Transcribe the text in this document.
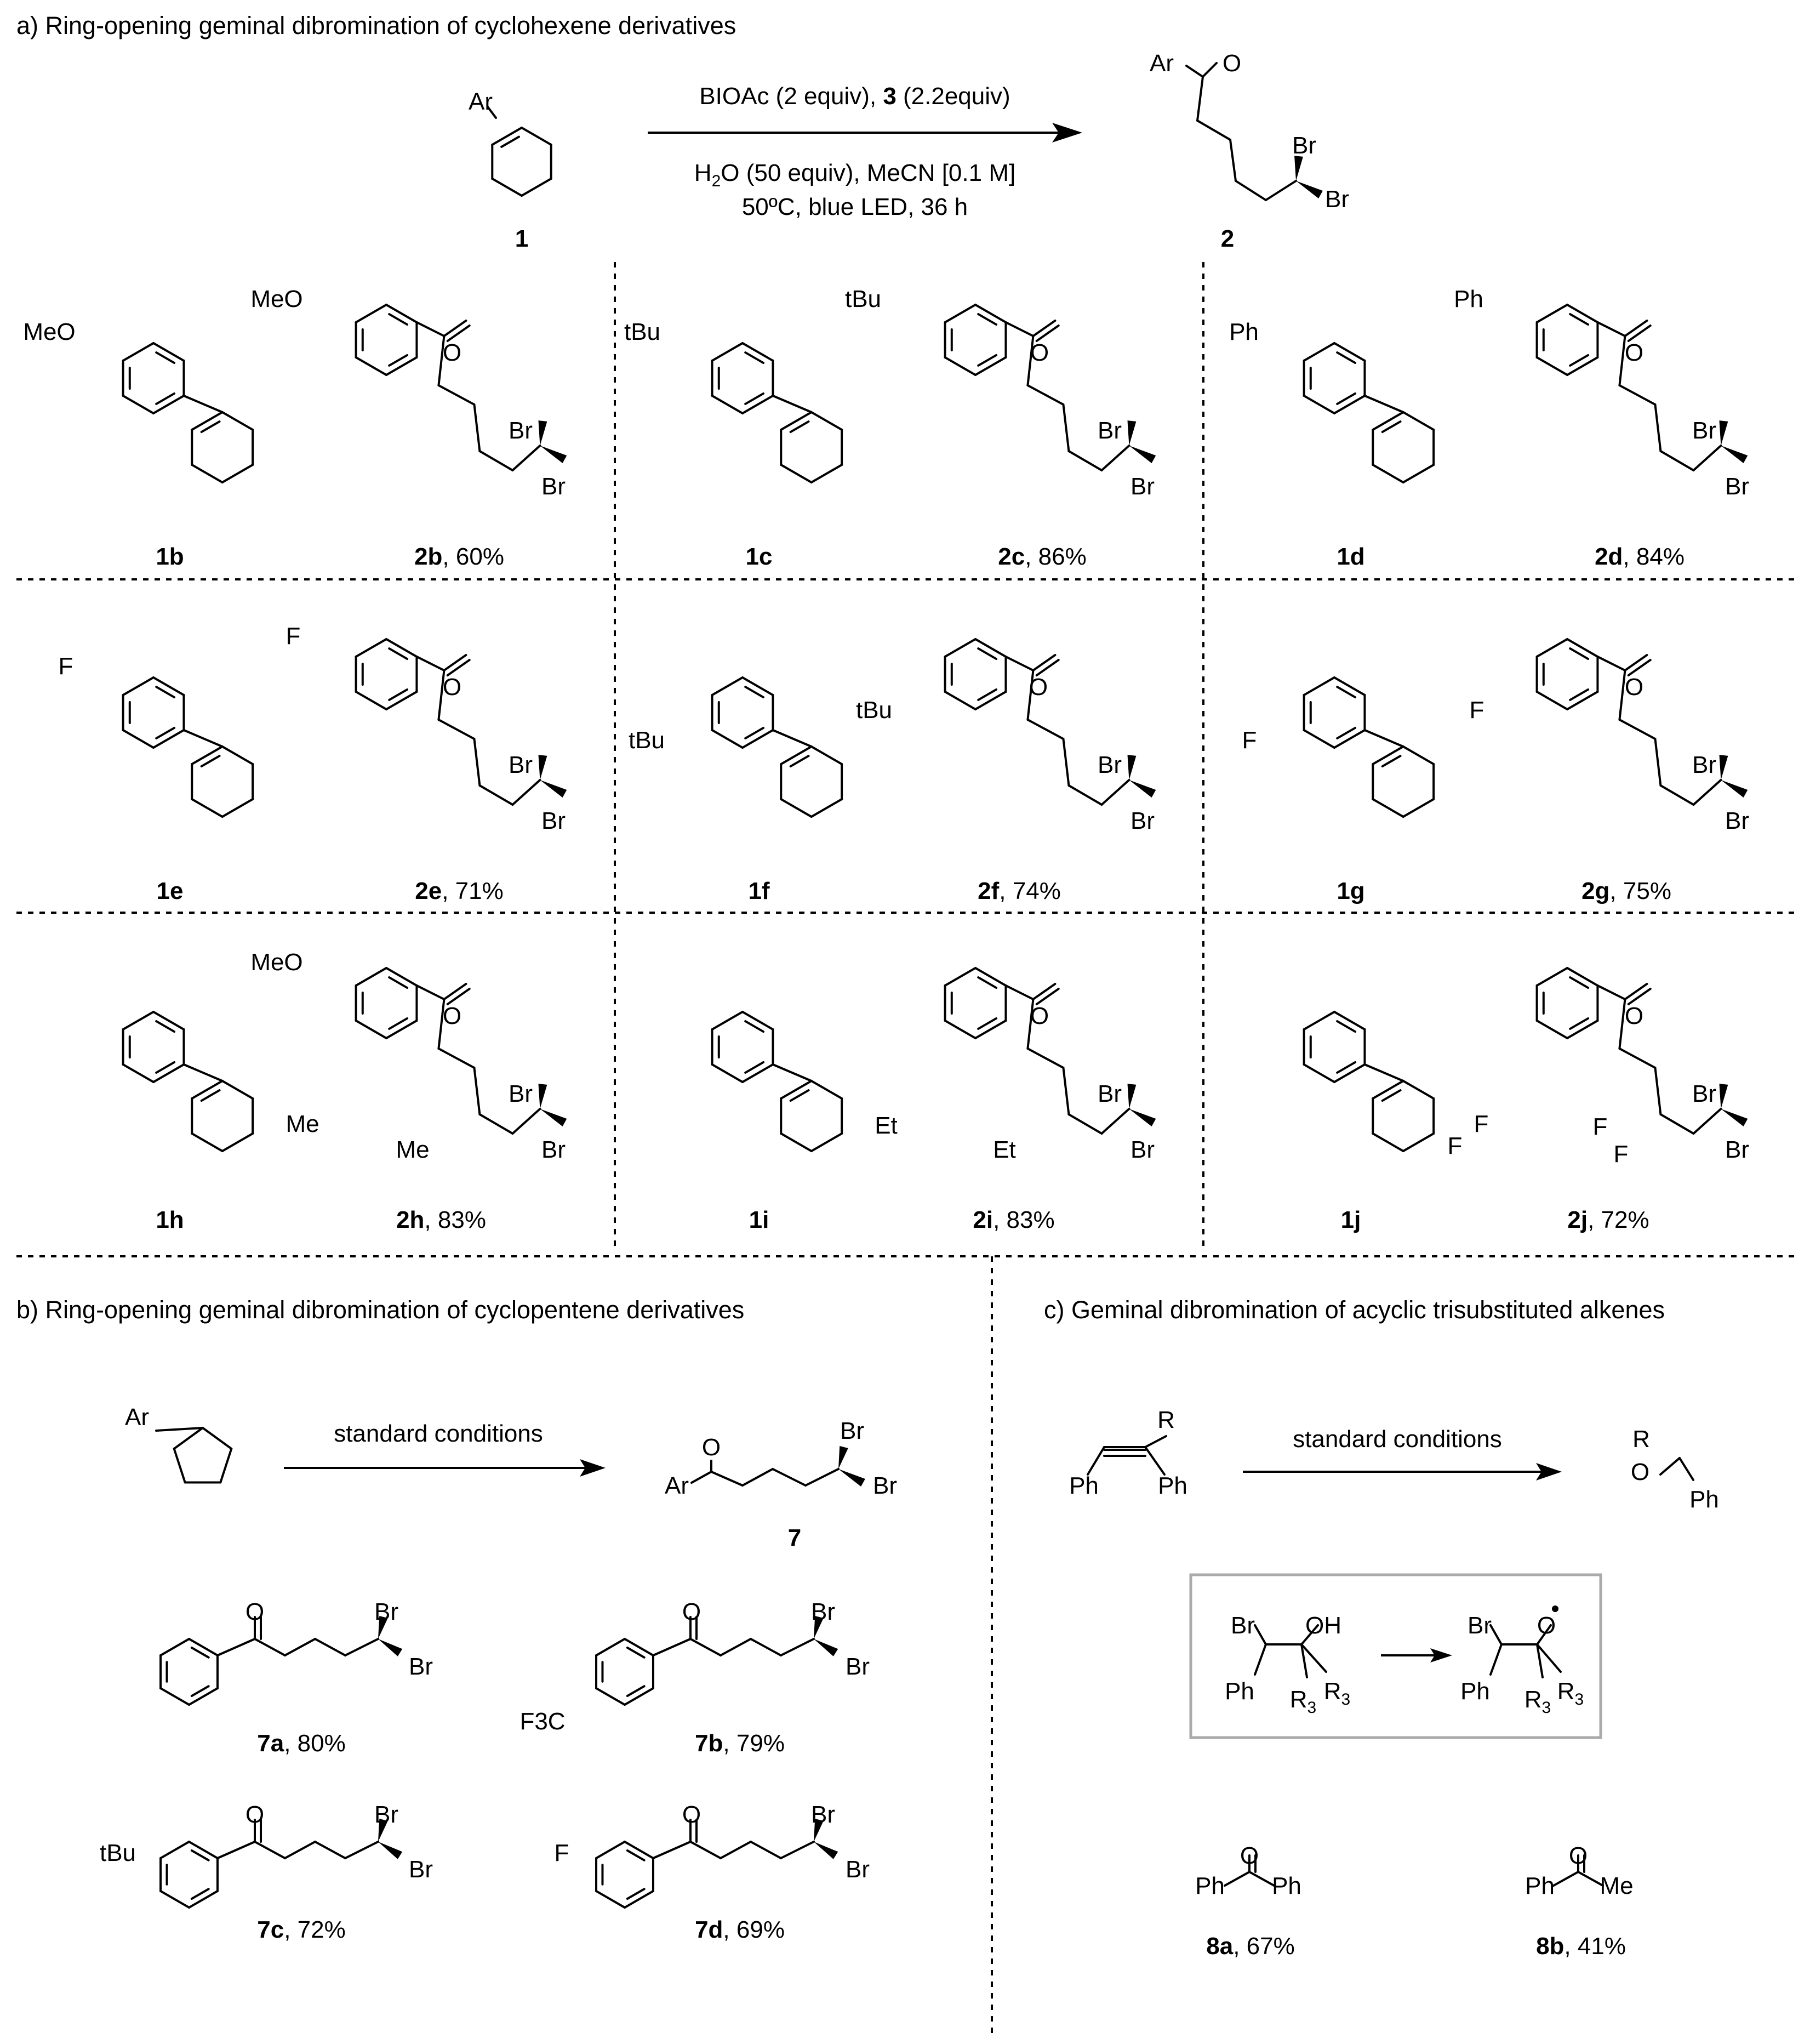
a) Ring-opening geminal dibromination of cyclohexene derivatives
b) Ring-opening geminal dibromination of cyclopentene derivatives	c) Geminal dibromination of acyclic trisubstituted alkenes
BIOAc (2 equiv), 3 (2.2equiv)
$H_2O$ (50 equiv), MeCN [0.1 M]
50ºC, blue LED, 36 h
1	2
standard conditions
7
standard conditions
1b	2b, 60%	1c	2c, 86%	1d	2d, 84%
1e	2e, 71%	1f	2f, 74%	1g	2g, 75%
1h	2h, 83%	1i	2i, 83%	1j	2j, 72%
7a, 80%	7b, 79%
7c, 72%	7d, 69%
8a, 67%	8b, 41%
Ar
Ar O
Br
Br
MeO
MeO
O
Br
Br
tBu
tBu
O
Br
Br
Ph
Ph
O
Br
Br
F
F
O
Br
Br
tBu
tBu
O
Br
Br
F
F
O
Br
Br
Me
MeO
O
Me
Br
Br
Et
O
Et
Br
Br
F
F
O
F
F
Br
Br
Ar
O
Ar
Br
Br
O	Br
Br
O	Br
Br
F3C
O
tBu
Br
Br
O
F
Br
Br
R
Ph Ph
R
O
Ph
Br OH
Ph $R_3$
$R_3$
Br O
Ph $R_3$
$R_3$
O
Ph Ph
O
Ph Me
